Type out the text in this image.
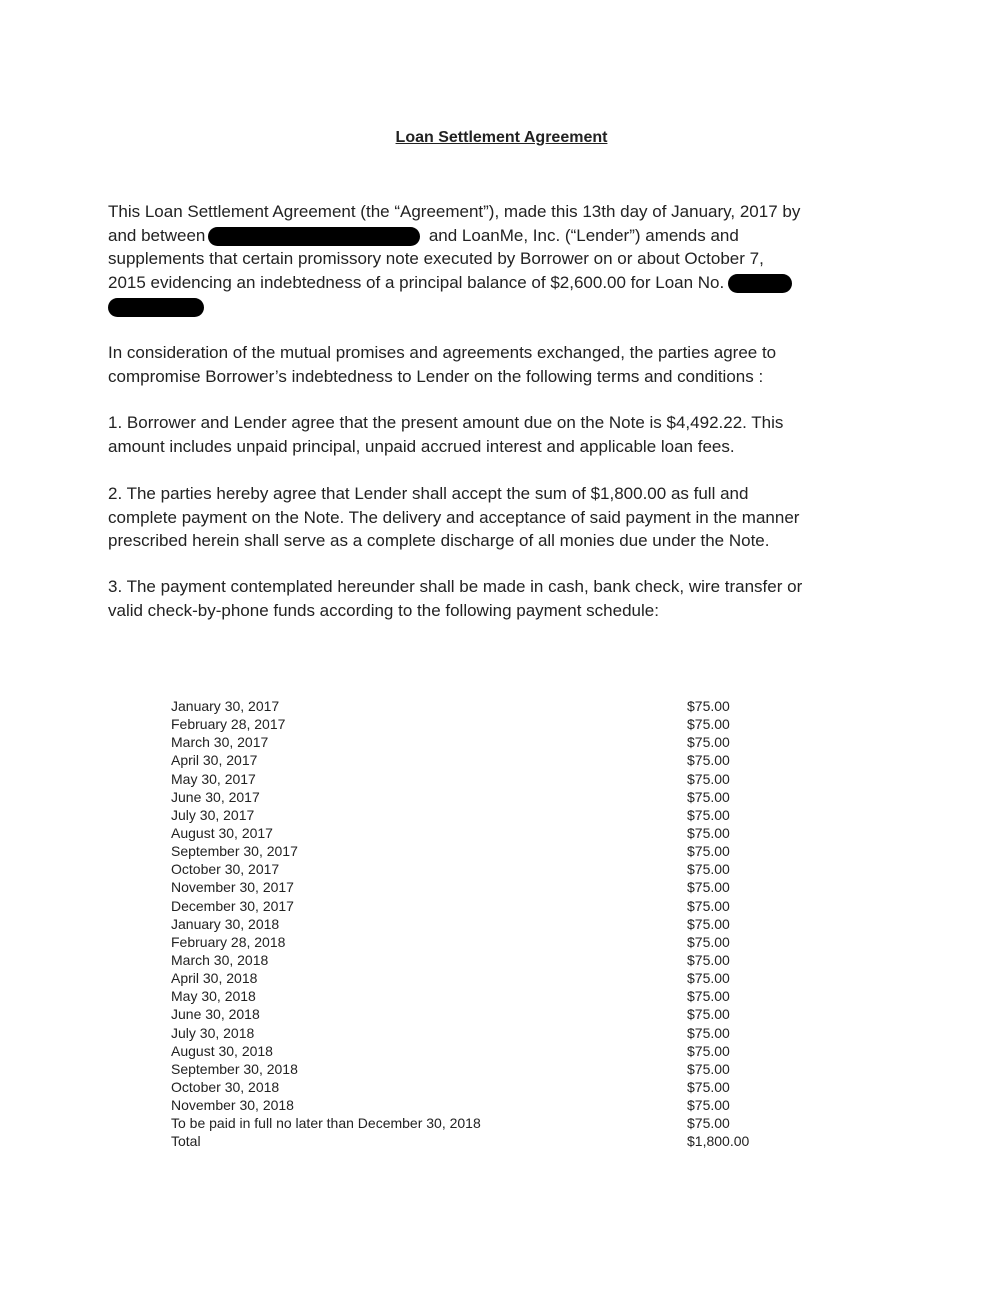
Loan Settlement Agreement
This Loan Settlement Agreement (the “Agreement”), made this 13th day of January, 2017 by
and between	and LoanMe, Inc. (“Lender”) amends and
supplements that certain promissory note executed by Borrower on or about October 7,
2015 evidencing an indebtedness of a principal balance of $2,600.00 for Loan No.
In consideration of the mutual promises and agreements exchanged, the parties agree to
compromise Borrower’s indebtedness to Lender on the following terms and conditions :
1. Borrower and Lender agree that the present amount due on the Note is $4,492.22. This
amount includes unpaid principal, unpaid accrued interest and applicable loan fees.
2. The parties hereby agree that Lender shall accept the sum of $1,800.00 as full and
complete payment on the Note. The delivery and acceptance of said payment in the manner
prescribed herein shall serve as a complete discharge of all monies due under the Note.
3. The payment contemplated hereunder shall be made in cash, bank check, wire transfer or
valid check-by-phone funds according to the following payment schedule:
January 30, 2017	$75.00
February 28, 2017	$75.00
March 30, 2017	$75.00
April 30, 2017	$75.00
May 30, 2017	$75.00
June 30, 2017	$75.00
July 30, 2017	$75.00
August 30, 2017	$75.00
September 30, 2017	$75.00
October 30, 2017	$75.00
November 30, 2017	$75.00
December 30, 2017	$75.00
January 30, 2018	$75.00
February 28, 2018	$75.00
March 30, 2018	$75.00
April 30, 2018	$75.00
May 30, 2018	$75.00
June 30, 2018	$75.00
July 30, 2018	$75.00
August 30, 2018	$75.00
September 30, 2018	$75.00
October 30, 2018	$75.00
November 30, 2018	$75.00
To be paid in full no later than December 30, 2018	$75.00
Total	$1,800.00
